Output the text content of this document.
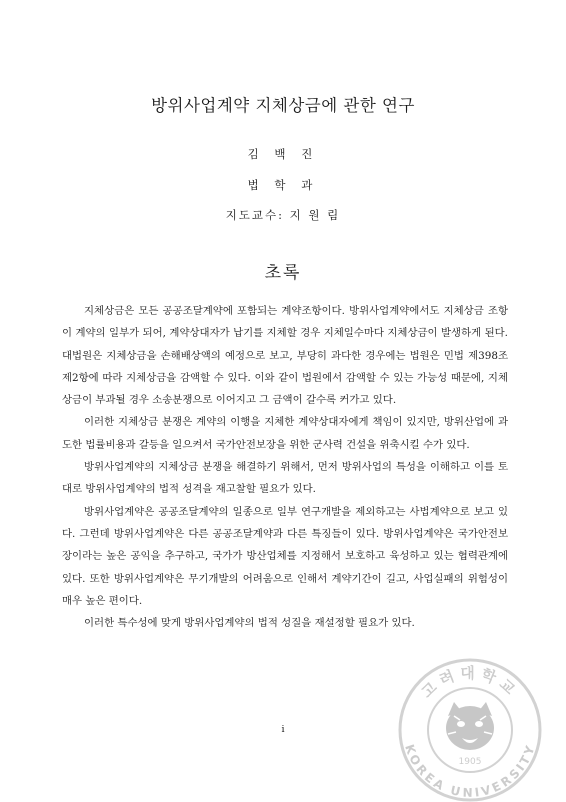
방위사업계약 지체상금에 관한 연구
김 백 진
법 학 과
지도교수: 지 원 림
초록

지체상금은 모든 공공조달계약에 포함되는 계약조항이다. 방위사업계약에서도 지체상금 조항이 계약의 일부가 되어, 계약상대자가 납기를 지체할 경우 지체일수마다 지체상금이 발생하게 된다. 대법원은 지체상금을 손해배상액의 예정으로 보고, 부당히 과다한 경우에는 법원은 민법 제398조 제2항에 따라 지체상금을 감액할 수 있다. 이와 같이 법원에서 감액할 수 있는 가능성 때문에, 지체상금이 부과될 경우 소송분쟁으로 이어지고 그 금액이 갈수록 커가고 있다.

이러한 지체상금 분쟁은 계약의 이행을 지체한 계약상대자에게 책임이 있지만, 방위산업에 과도한 법률비용과 갈등을 일으켜서 국가안전보장을 위한 군사력 건설을 위축시킬 수가 있다.

방위사업계약의 지체상금 분쟁을 해결하기 위해서, 먼저 방위사업의 특성을 이해하고 이를 토대로 방위사업계약의 법적 성격을 재고찰할 필요가 있다.

방위사업계약은 공공조달계약의 일종으로 일부 연구개발을 제외하고는 사법계약으로 보고 있다. 그런데 방위사업계약은 다른 공공조달계약과 다른 특징들이 있다. 방위사업계약은 국가안전보장이라는 높은 공익을 추구하고, 국가가 방산업체를 지정해서 보호하고 육성하고 있는 협력관계에 있다. 또한 방위사업계약은 무기개발의 어려움으로 인해서 계약기간이 길고, 사업실패의 위험성이 매우 높은 편이다.

이러한 특수성에 맞게 방위사업계약의 법적 성질을 재설정할 필요가 있다.

i
고려대학교
KOREA UNIVERSITY
1905
